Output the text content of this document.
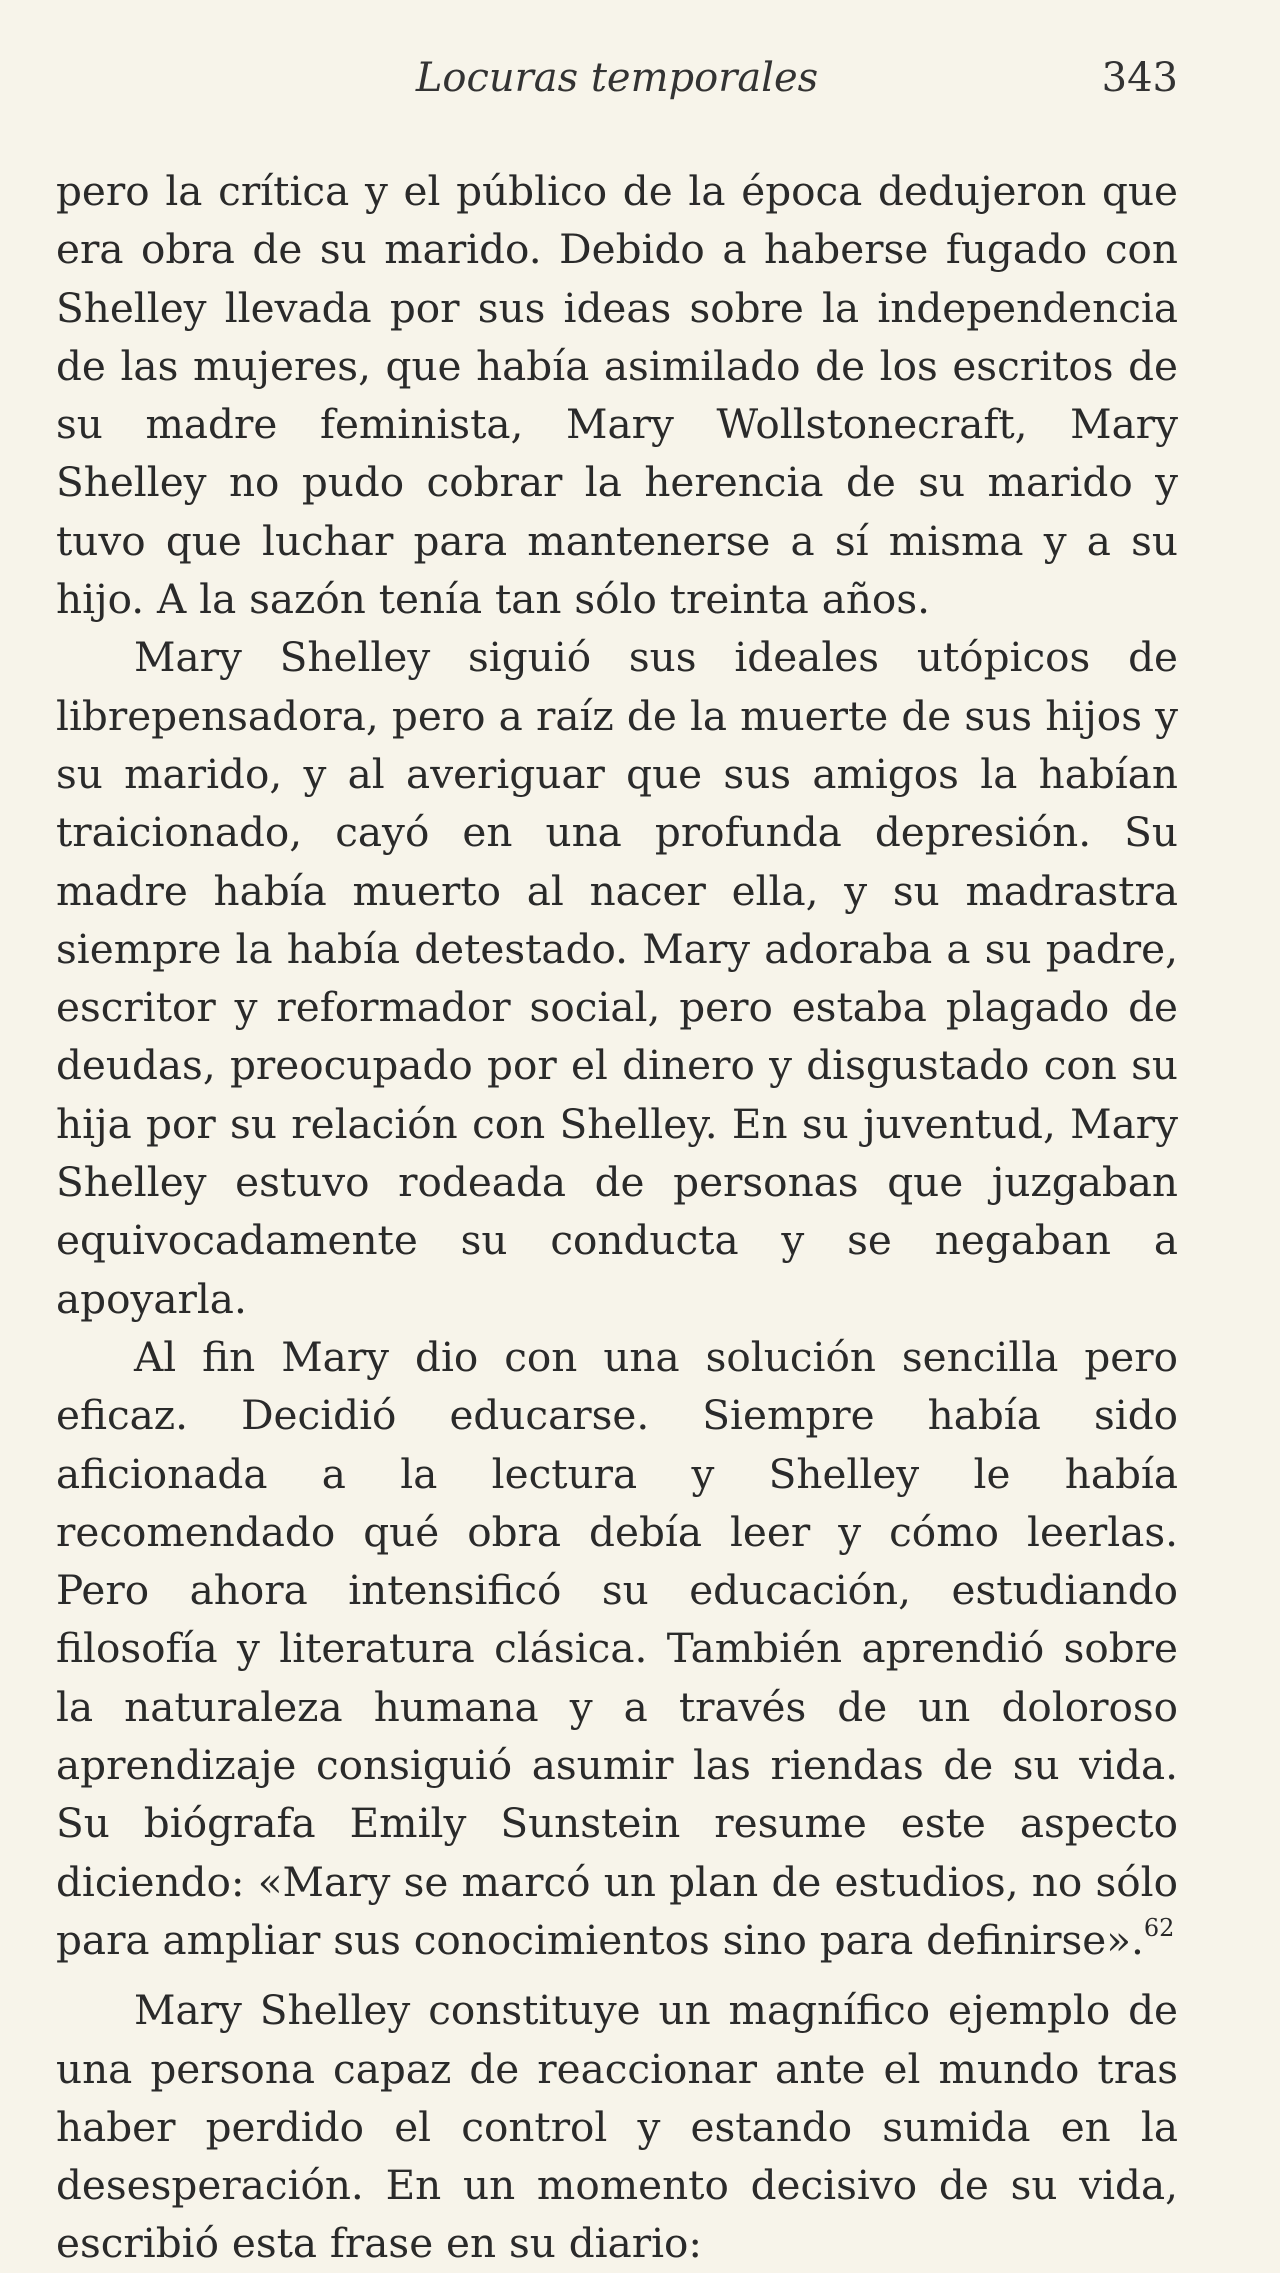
Locuras temporales	343

pero la crítica y el público de la época dedujeron que era obra de su marido. Debido a haberse fugado con Shelley llevada por sus ideas sobre la independencia de las mujeres, que había asimilado de los escritos de su madre feminista, Mary Wollstonecraft, Mary Shelley no pudo cobrar la herencia de su marido y tuvo que luchar para mantenerse a sí misma y a su hijo. A la sazón tenía tan sólo treinta años.

Mary Shelley siguió sus ideales utópicos de librepensadora, pero a raíz de la muerte de sus hijos y su marido, y al averiguar que sus amigos la habían traicionado, cayó en una profunda depresión. Su madre había muerto al nacer ella, y su madrastra siempre la había detestado. Mary adoraba a su padre, escritor y reformador social, pero estaba plagado de deudas, preocupado por el dinero y disgustado con su hija por su relación con Shelley. En su juventud, Mary Shelley estuvo rodeada de personas que juzgaban equivocadamente su conducta y se negaban a apoyarla.

Al fin Mary dio con una solución sencilla pero eficaz. Decidió educarse. Siempre había sido aficionada a la lectura y Shelley le había recomendado qué obra debía leer y cómo leerlas. Pero ahora intensificó su educación, estudiando filosofía y literatura clásica. También aprendió sobre la naturaleza humana y a través de un doloroso aprendizaje consiguió asumir las riendas de su vida. Su biógrafa Emily Sunstein resume este aspecto diciendo: «Mary se marcó un plan de estudios, no sólo para ampliar sus conocimientos sino para definirse».$^{62}$

Mary Shelley constituye un magnífico ejemplo de una persona capaz de reaccionar ante el mundo tras haber perdido el control y estando sumida en la desesperación. En un momento decisivo de su vida, escribió esta frase en su diario:
